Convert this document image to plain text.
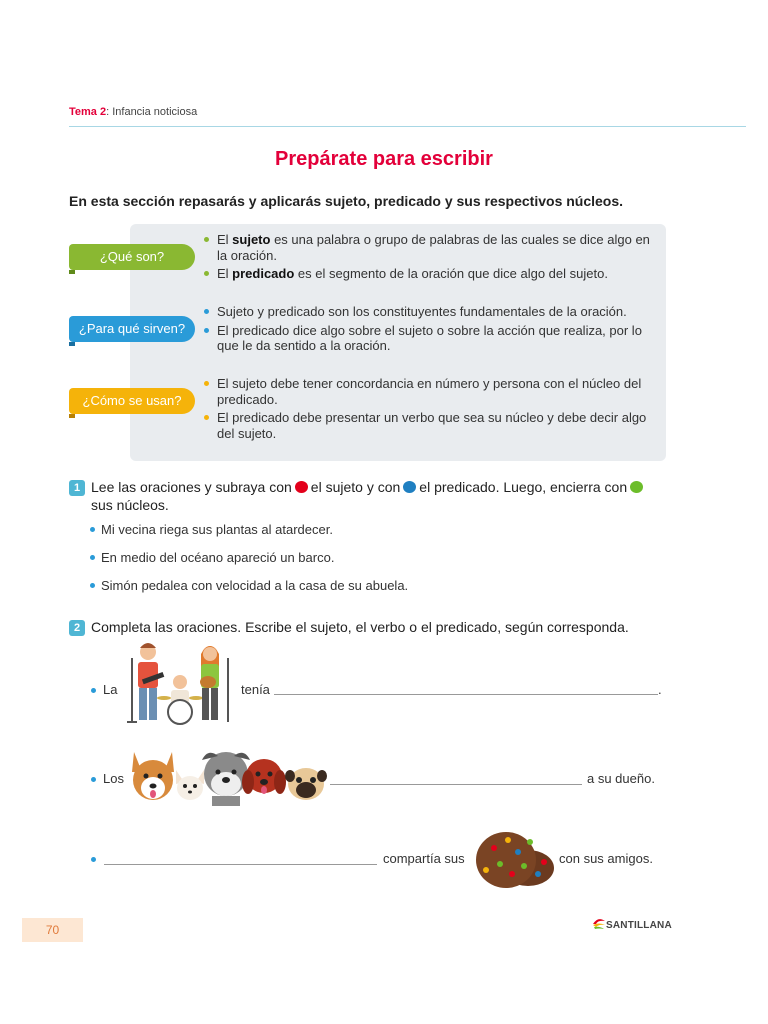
Tema 2: Infancia noticiosa
Prepárate para escribir
En esta sección repasarás y aplicarás sujeto, predicado y sus respectivos núcleos.
¿Qué son?
El sujeto es una palabra o grupo de palabras de las cuales se dice algo en la oración.
El predicado es el segmento de la oración que dice algo del sujeto.
¿Para qué sirven?
Sujeto y predicado son los constituyentes fundamentales de la oración.
El predicado dice algo sobre el sujeto o sobre la acción que realiza, por lo que le da sentido a la oración.
¿Cómo se usan?
El sujeto debe tener concordancia en número y persona con el núcleo del predicado.
El predicado debe presentar un verbo que sea su núcleo y debe decir algo del sujeto.
1 Lee las oraciones y subraya con el sujeto y con el predicado. Luego, encierra consus núcleos.
Mi vecina riega sus plantas al atardecer.
En medio del océano apareció un barco.
Simón pedalea con velocidad a la casa de su abuela.
2 Completa las oraciones. Escribe el sujeto, el verbo o el predicado, según corresponda.
La	tenía	.
Los	a su dueño.
compartía sus	con sus amigos.
70	SANTILLANA
